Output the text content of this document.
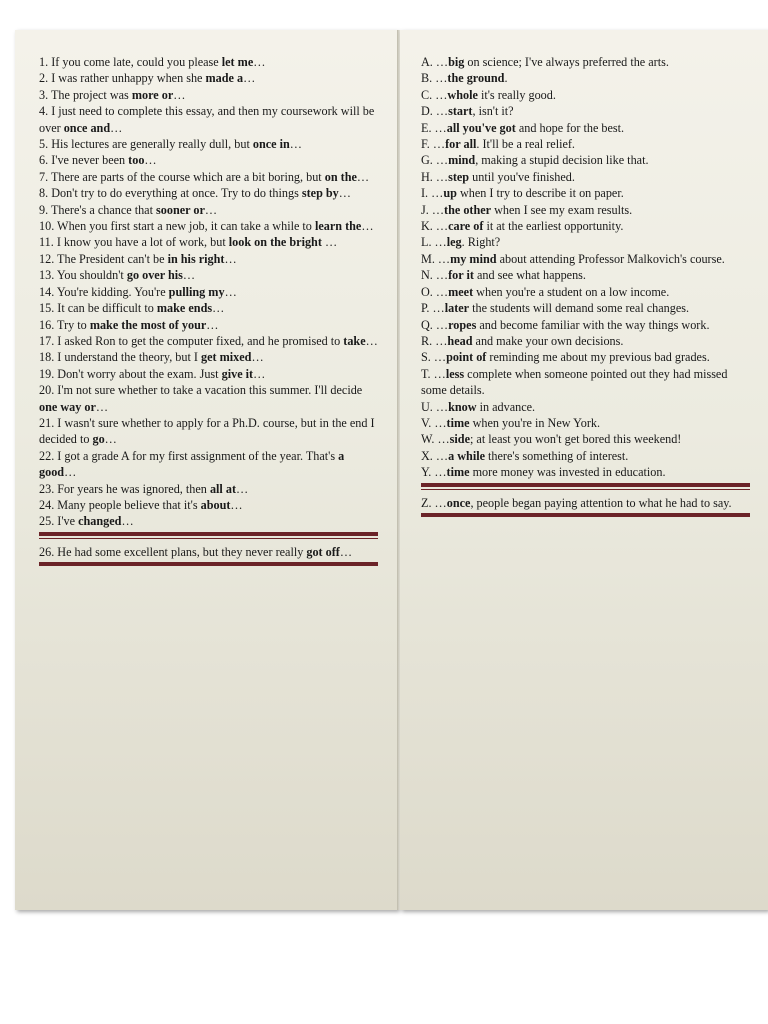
1. If you come late, could you please let me…

2. I was rather unhappy when she made a…

3. The project was more or…

4. I just need to complete this essay, and then my coursework will be over once and…

5. His lectures are generally really dull, but once in…

6. I've never been too…

7. There are parts of the course which are a bit boring, but on the…

8. Don't try to do everything at once. Try to do things step by…

9. There's a chance that sooner or…

10. When you first start a new job, it can take a while to learn the…

11. I know you have a lot of work, but look on the bright …

12. The President can't be in his right…

13. You shouldn't go over his…

14. You're kidding. You're pulling my…

15. It can be difficult to make ends…

16. Try to make the most of your…

17. I asked Ron to get the computer fixed, and he promised to take…

18. I understand the theory, but I get mixed…

19. Don't worry about the exam. Just give it…

20. I'm not sure whether to take a vacation this summer. I'll decide one way or…

21. I wasn't sure whether to apply for a Ph.D. course, but in the end I decided to go…

22. I got a grade A for my first assignment of the year. That's a good…

23. For years he was ignored, then all at…

24. Many people believe that it's about…

25. I've changed…

26. He had some excellent plans, but they never really got off…

A. …big on science; I've always preferred the arts.

B. …the ground.

C. …whole it's really good.

D. …start, isn't it?

E. …all you've got and hope for the best.

F. …for all. It'll be a real relief.

G. …mind, making a stupid decision like that.

H. …step until you've finished.

I. …up when I try to describe it on paper.

J. …the other when I see my exam results.

K. …care of it at the earliest opportunity.

L. …leg. Right?

M. …my mind about attending Professor Malkovich's course.

N. …for it and see what happens.

O. …meet when you're a student on a low income.

P. …later the students will demand some real changes.

Q. …ropes and become familiar with the way things work.

R. …head and make your own decisions.

S. …point of reminding me about my previous bad grades.

T. …less complete when someone pointed out they had missed some details.

U. …know in advance.

V. …time when you're in New York.

W. …side; at least you won't get bored this weekend!

X. …a while there's something of interest.

Y. …time more money was invested in education.

Z. …once, people began paying attention to what he had to say.
